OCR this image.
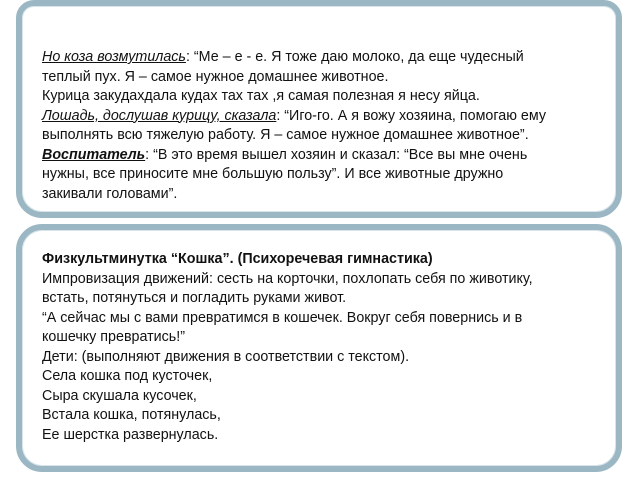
Но коза возмутилась: “Ме – е - е. Я тоже даю молоко, да еще чудесный
теплый пух. Я – самое нужное домашнее животное.
Курица закудахдала кудах тах тах ,я самая полезная я несу яйца.
Лошадь, дослушав курицу, сказала: “Иго-го. А я вожу хозяина, помогаю ему
выполнять всю тяжелую работу. Я – самое нужное домашнее животное”.
Воспитатель: “В это время вышел хозяин и сказал: “Все вы мне очень
нужны, все приносите мне большую пользу”. И все животные дружно
закивали головами”.
Физкультминутка “Кошка”. (Психоречевая гимнастика)
Импровизация движений: сесть на корточки, похлопать себя по животику,
встать, потянуться и погладить руками живот.
“А сейчас мы с вами превратимся в кошечек. Вокруг себя повернись и в
кошечку превратись!”
Дети: (выполняют движения в соответствии с текстом).
Села кошка под кусточек,
Сыра скушала кусочек,
Встала кошка, потянулась,
Ее шерстка развернулась.
